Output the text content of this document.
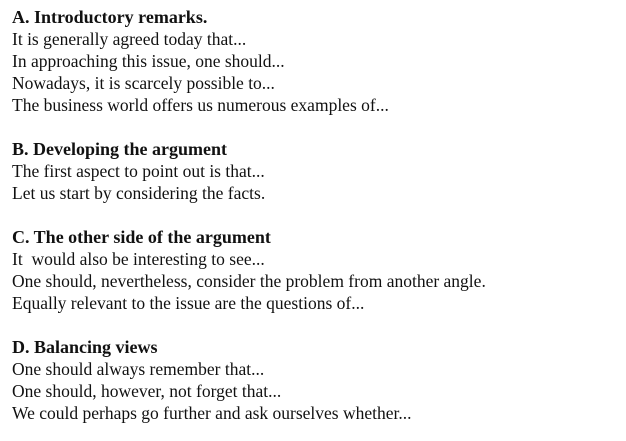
A. Introductory remarks.
It is generally agreed today that...
In approaching this issue, one should...
Nowadays, it is scarcely possible to...
The business world offers us numerous examples of...
B. Developing the argument
The first aspect to point out is that...
Let us start by considering the facts.
C. The other side of the argument
It  would also be interesting to see...
One should, nevertheless, consider the problem from another angle.
Equally relevant to the issue are the questions of...
D. Balancing views
One should always remember that...
One should, however, not forget that...
We could perhaps go further and ask ourselves whether...
